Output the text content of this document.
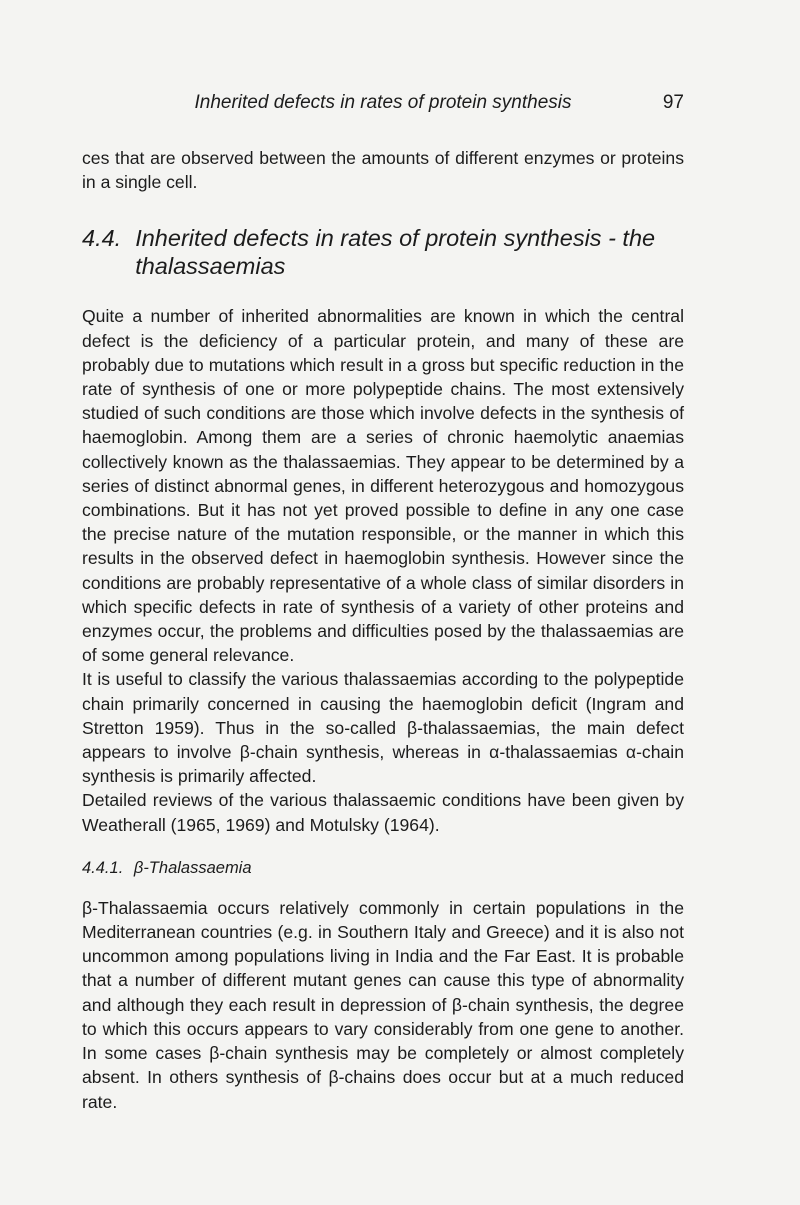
Inherited defects in rates of protein synthesis	97

ces that are observed between the amounts of different enzymes or proteins in a single cell.

4.4. Inherited defects in rates of protein synthesis - the thalassaemias

Quite a number of inherited abnormalities are known in which the central defect is the deficiency of a particular protein, and many of these are probably due to mutations which result in a gross but specific reduction in the rate of synthesis of one or more polypeptide chains. The most extensively studied of such conditions are those which involve defects in the synthesis of haemoglobin. Among them are a series of chronic haemolytic anaemias collectively known as the thalassaemias. They appear to be determined by a series of distinct abnormal genes, in different heterozygous and homozygous combinations. But it has not yet proved possible to define in any one case the precise nature of the mutation responsible, or the manner in which this results in the observed defect in haemoglobin synthesis. However since the conditions are probably representative of a whole class of similar disorders in which specific defects in rate of synthesis of a variety of other proteins and enzymes occur, the problems and difficulties posed by the thalassaemias are of some general relevance.

It is useful to classify the various thalassaemias according to the polypeptide chain primarily concerned in causing the haemoglobin deficit (Ingram and Stretton 1959). Thus in the so-called β-thalassaemias, the main defect appears to involve β-chain synthesis, whereas in α-thalassaemias α-chain synthesis is primarily affected.

Detailed reviews of the various thalassaemic conditions have been given by Weatherall (1965, 1969) and Motulsky (1964).

4.4.1. β-Thalassaemia

β-Thalassaemia occurs relatively commonly in certain populations in the Mediterranean countries (e.g. in Southern Italy and Greece) and it is also not uncommon among populations living in India and the Far East. It is probable that a number of different mutant genes can cause this type of abnormality and although they each result in depression of β-chain synthesis, the degree to which this occurs appears to vary considerably from one gene to another. In some cases β-chain synthesis may be completely or almost completely absent. In others synthesis of β-chains does occur but at a much reduced rate.
